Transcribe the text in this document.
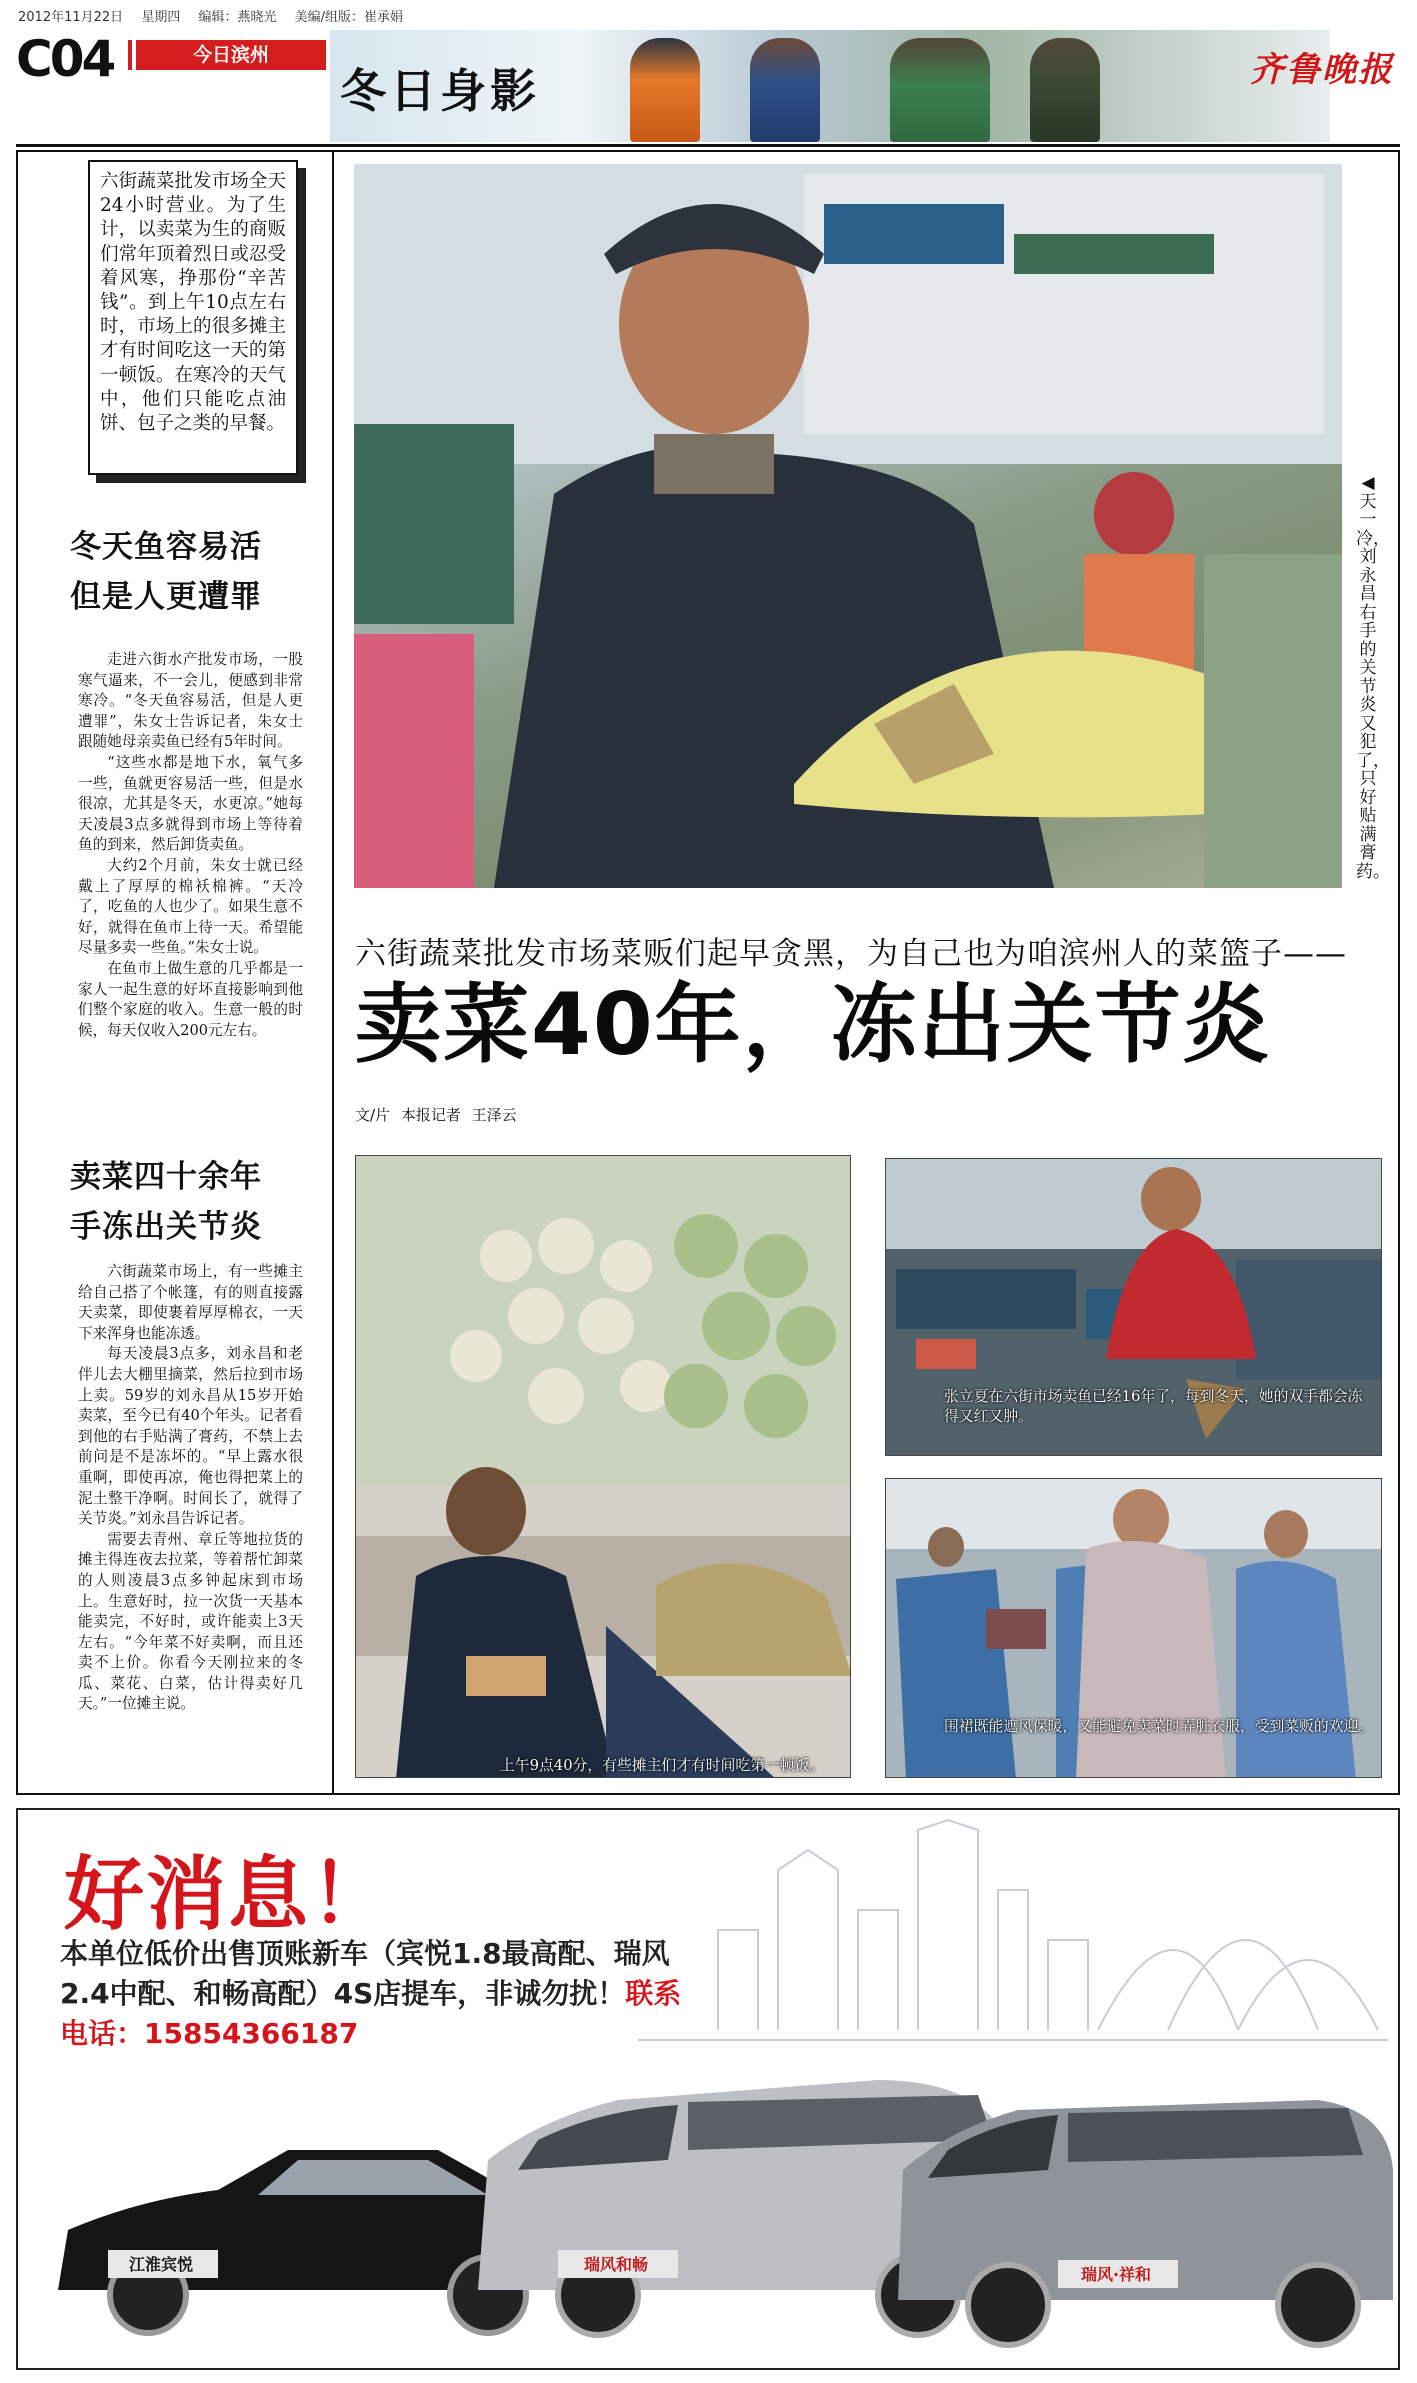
2012年11月22日 星期四 编辑：燕晓光 美编/组版：崔承娟
C04	今日滨州
冬日身影	齐鲁晚报
六街蔬菜批发市场全天24小时营业。为了生计，以卖菜为生的商贩们常年顶着烈日或忍受着风寒，挣那份“辛苦钱”。到上午10点左右时，市场上的很多摊主才有时间吃这一天的第一顿饭。在寒冷的天气中，他们只能吃点油饼、包子之类的早餐。
冬天鱼容易活
但是人更遭罪

走进六街水产批发市场，一股寒气逼来，不一会儿，便感到非常寒冷。“冬天鱼容易活，但是人更遭罪”，朱女士告诉记者，朱女士跟随她母亲卖鱼已经有5年时间。

“这些水都是地下水，氧气多一些，鱼就更容易活一些，但是水很凉，尤其是冬天，水更凉。”她每天凌晨3点多就得到市场上等待着鱼的到来，然后卸货卖鱼。

大约2个月前，朱女士就已经戴上了厚厚的棉袄棉裤。“天冷了，吃鱼的人也少了。如果生意不好，就得在鱼市上待一天。希望能尽量多卖一些鱼。”朱女士说。

在鱼市上做生意的几乎都是一家人一起生意的好坏直接影响到他们整个家庭的收入。生意一般的时候，每天仅收入200元左右。

卖菜四十余年
手冻出关节炎

六街蔬菜市场上，有一些摊主给自己搭了个帐篷，有的则直接露天卖菜，即使裹着厚厚棉衣，一天下来浑身也能冻透。

每天凌晨3点多，刘永昌和老伴儿去大棚里摘菜，然后拉到市场上卖。59岁的刘永昌从15岁开始卖菜，至今已有40个年头。记者看到他的右手贴满了膏药，不禁上去前问是不是冻坏的。“早上露水很重啊，即使再凉，俺也得把菜上的泥土整干净啊。时间长了，就得了关节炎。”刘永昌告诉记者。

需要去青州、章丘等地拉货的摊主得连夜去拉菜，等着帮忙卸菜的人则凌晨3点多钟起床到市场上。生意好时，拉一次货一天基本能卖完，不好时，或许能卖上3天左右。“今年菜不好卖啊，而且还卖不上价。你看今天刚拉来的冬瓜、菜花、白菜，估计得卖好几天。”一位摊主说。

◀天一冷，刘永昌右手的关节炎又犯了，只好贴满膏药。
六街蔬菜批发市场菜贩们起早贪黑，为自己也为咱滨州人的菜篮子——
卖菜40年，冻出关节炎
文/片 本报记者 王泽云
上午9点40分，有些摊主们才有时间吃第一顿饭。
张立夏在六街市场卖鱼已经16年了，每到冬天，她的双手都会冻得又红又肿。
围裙既能遮风保暖，又能避免卖菜时弄脏衣服，受到菜贩的欢迎。
江淮宾悦	瑞风和畅
瑞风·祥和
好消息！
本单位低价出售顶账新车（宾悦1.8最高配、瑞风2.4中配、和畅高配）4S店提车，非诚勿扰！联系电话：15854366187
